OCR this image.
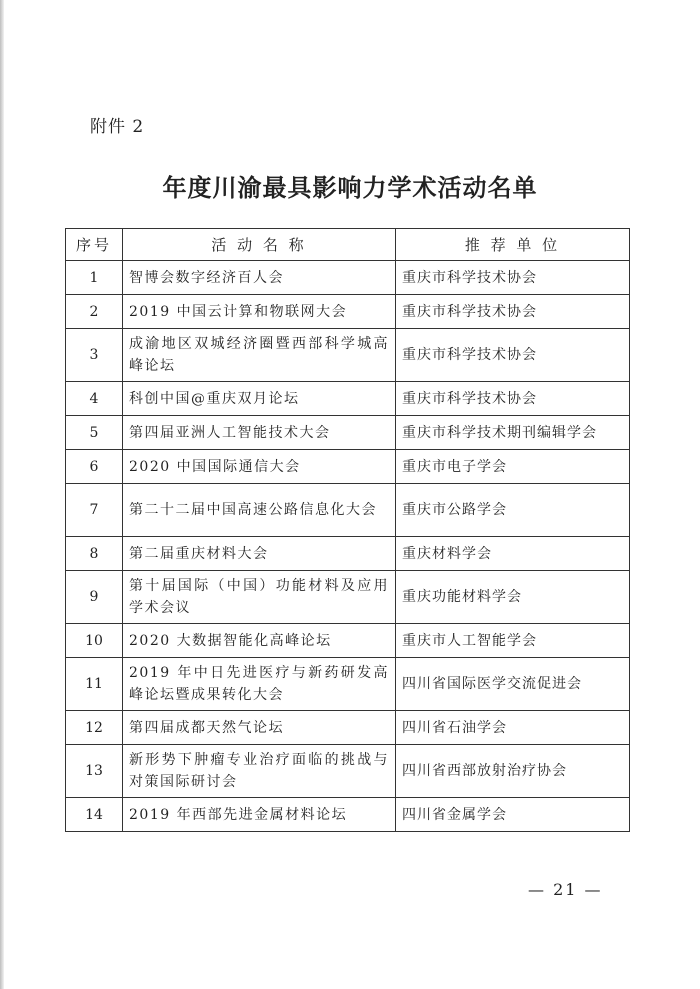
附件 2
年度川渝最具影响力学术活动名单
序号	活 动 名 称	推 荐 单 位
1	智博会数字经济百人会	重庆市科学技术协会
2	2019 中国云计算和物联网大会	重庆市科学技术协会
3	成渝地区双城经济圈暨西部科学城高峰论坛	重庆市科学技术协会
4	科创中国@重庆双月论坛	重庆市科学技术协会
5	第四届亚洲人工智能技术大会	重庆市科学技术期刊编辑学会
6	2020 中国国际通信大会	重庆市电子学会
7	第二十二届中国高速公路信息化大会	重庆市公路学会
8	第二届重庆材料大会	重庆材料学会
9	第十届国际（中国）功能材料及应用学术会议	重庆功能材料学会
10	2020 大数据智能化高峰论坛	重庆市人工智能学会
11	2019 年中日先进医疗与新药研发高峰论坛暨成果转化大会	四川省国际医学交流促进会
12	第四届成都天然气论坛	四川省石油学会
13	新形势下肿瘤专业治疗面临的挑战与对策国际研讨会	四川省西部放射治疗协会
14	2019 年西部先进金属材料论坛	四川省金属学会
— 21 —
